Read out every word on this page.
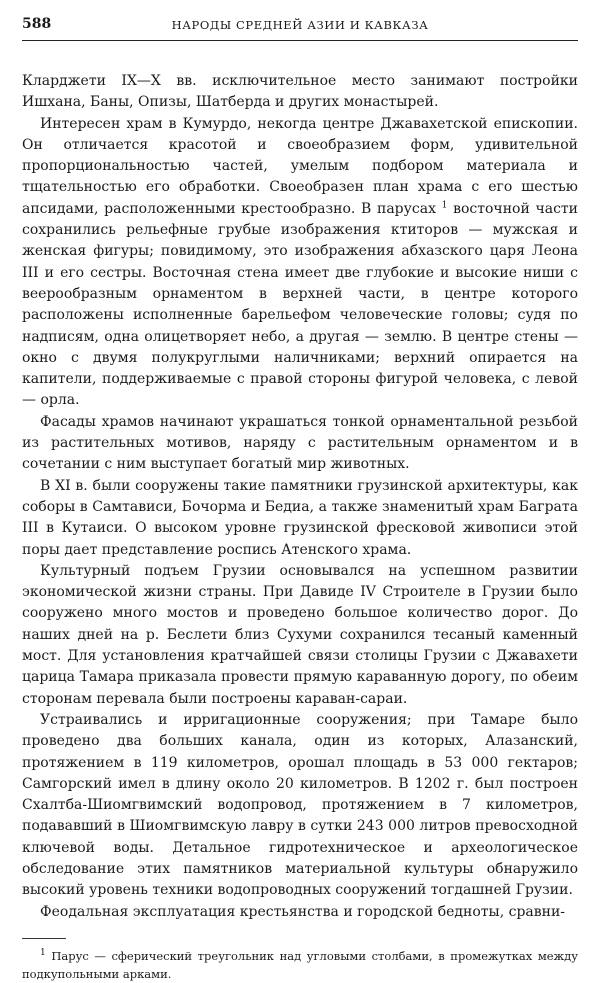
588	НАРОДЫ СРЕДНЕЙ АЗИИ И КАВКАЗА

Кларджети IX—X вв. исключительное место занимают постройки Ишхана, Баны, Опизы, Шатберда и других монастырей.

Интересен храм в Кумурдо, некогда центре Джавахетской епископии. Он отличается красотой и своеобразием форм, удивительной пропорциональностью частей, умелым подбором материала и тщательностью его обработки. Своеобразен план храма с его шестью апсидами, расположенными крестообразно. В парусах $^1$ восточной части сохранились рельефные грубые изображения ктиторов — мужская и женская фигуры; повидимому, это изображения абхазского царя Леона III и его сестры. Восточная стена имеет две глубокие и высокие ниши с веерообразным орнаментом в верхней части, в центре которого расположены исполненные барельефом человеческие головы; судя по надписям, одна олицетворяет небо, а другая — землю. В центре стены — окно с двумя полукруглыми наличниками; верхний опирается на капители, поддерживаемые с правой стороны фигурой человека, с левой — орла.

Фасады храмов начинают украшаться тонкой орнаментальной резьбой из растительных мотивов, наряду с растительным орнаментом и в сочетании с ним выступает богатый мир животных.

В XI в. были сооружены такие памятники грузинской архитектуры, как соборы в Самтависи, Бочорма и Бедиа, а также знаменитый храм Баграта III в Кутаиси. О высоком уровне грузинской фресковой живописи этой поры дает представление роспись Атенского храма.

Культурный подъем Грузии основывался на успешном развитии экономической жизни страны. При Давиде IV Строителе в Грузии было сооружено много мостов и проведено большое количество дорог. До наших дней на р. Беслети близ Сухуми сохранился тесаный каменный мост. Для установления кратчайшей связи столицы Грузии с Джавахети царица Тамара приказала провести прямую караванную дорогу, по обеим сторонам перевала были построены караван-сараи.

Устраивались и ирригационные сооружения; при Тамаре было проведено два больших канала, один из которых, Алазанский, протяжением в 119 километров, орошал площадь в 53 000 гектаров; Самгорский имел в длину около 20 километров. В 1202 г. был построен Схалтба-Шиомгвимский водопровод, протяжением в 7 километров, подававший в Шиомгвимскую лавру в сутки 243 000 литров превосходной ключевой воды. Детальное гидротехническое и археологическое обследование этих памятников материальной культуры обнаружило высокий уровень техники водопроводных сооружений тогдашней Грузии.

Феодальная эксплуатация крестьянства и городской бедноты, сравни-

$^1$ Парус — сферический треугольник над угловыми столбами, в промежутках между подкупольными арками.
